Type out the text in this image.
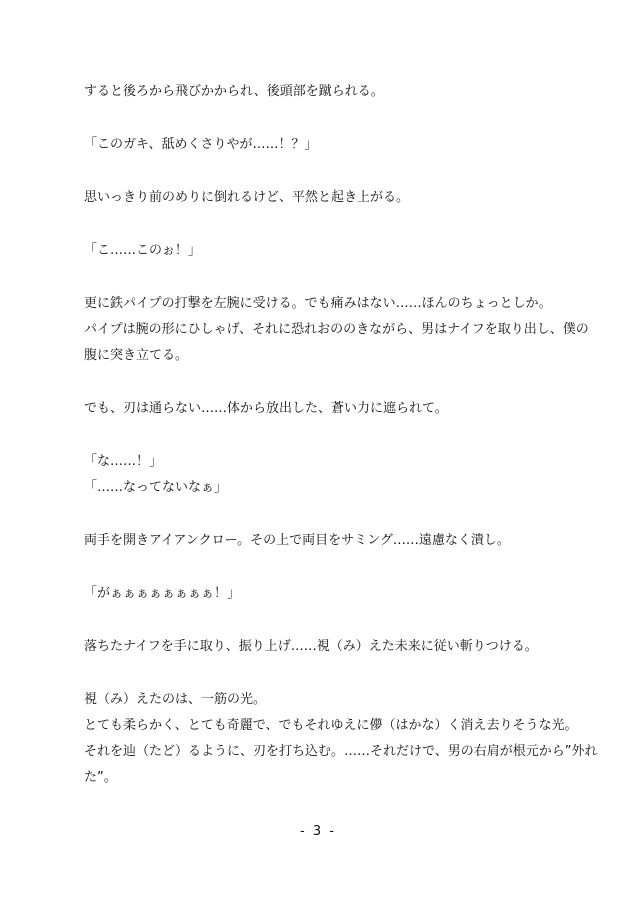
すると後ろから飛びかかられ、後頭部を蹴られる。
「このガキ、舐めくさりやが……！？」
思いっきり前のめりに倒れるけど、平然と起き上がる。
「こ……このぉ！」
更に鉄パイプの打撃を左腕に受ける。でも痛みはない……ほんのちょっとしか。
パイプは腕の形にひしゃげ、それに恐れおののきながら、男はナイフを取り出し、僕の
腹に突き立てる。
でも、刃は通らない……体から放出した、蒼い力に遮られて。
「な……！」
「……なってないなぁ」
両手を開きアイアンクロー。その上で両目をサミング……遠慮なく潰し。
「がぁぁぁぁぁぁぁぁ！」
落ちたナイフを手に取り、振り上げ……視（み）えた未来に従い斬りつける。
視（み）えたのは、一筋の光。
とても柔らかく、とても奇麗で、でもそれゆえに儚（はかな）く消え去りそうな光。
それを辿（たど）るように、刃を打ち込む。……それだけで、男の右肩が根元から”外れ
た”。
- 3 -
